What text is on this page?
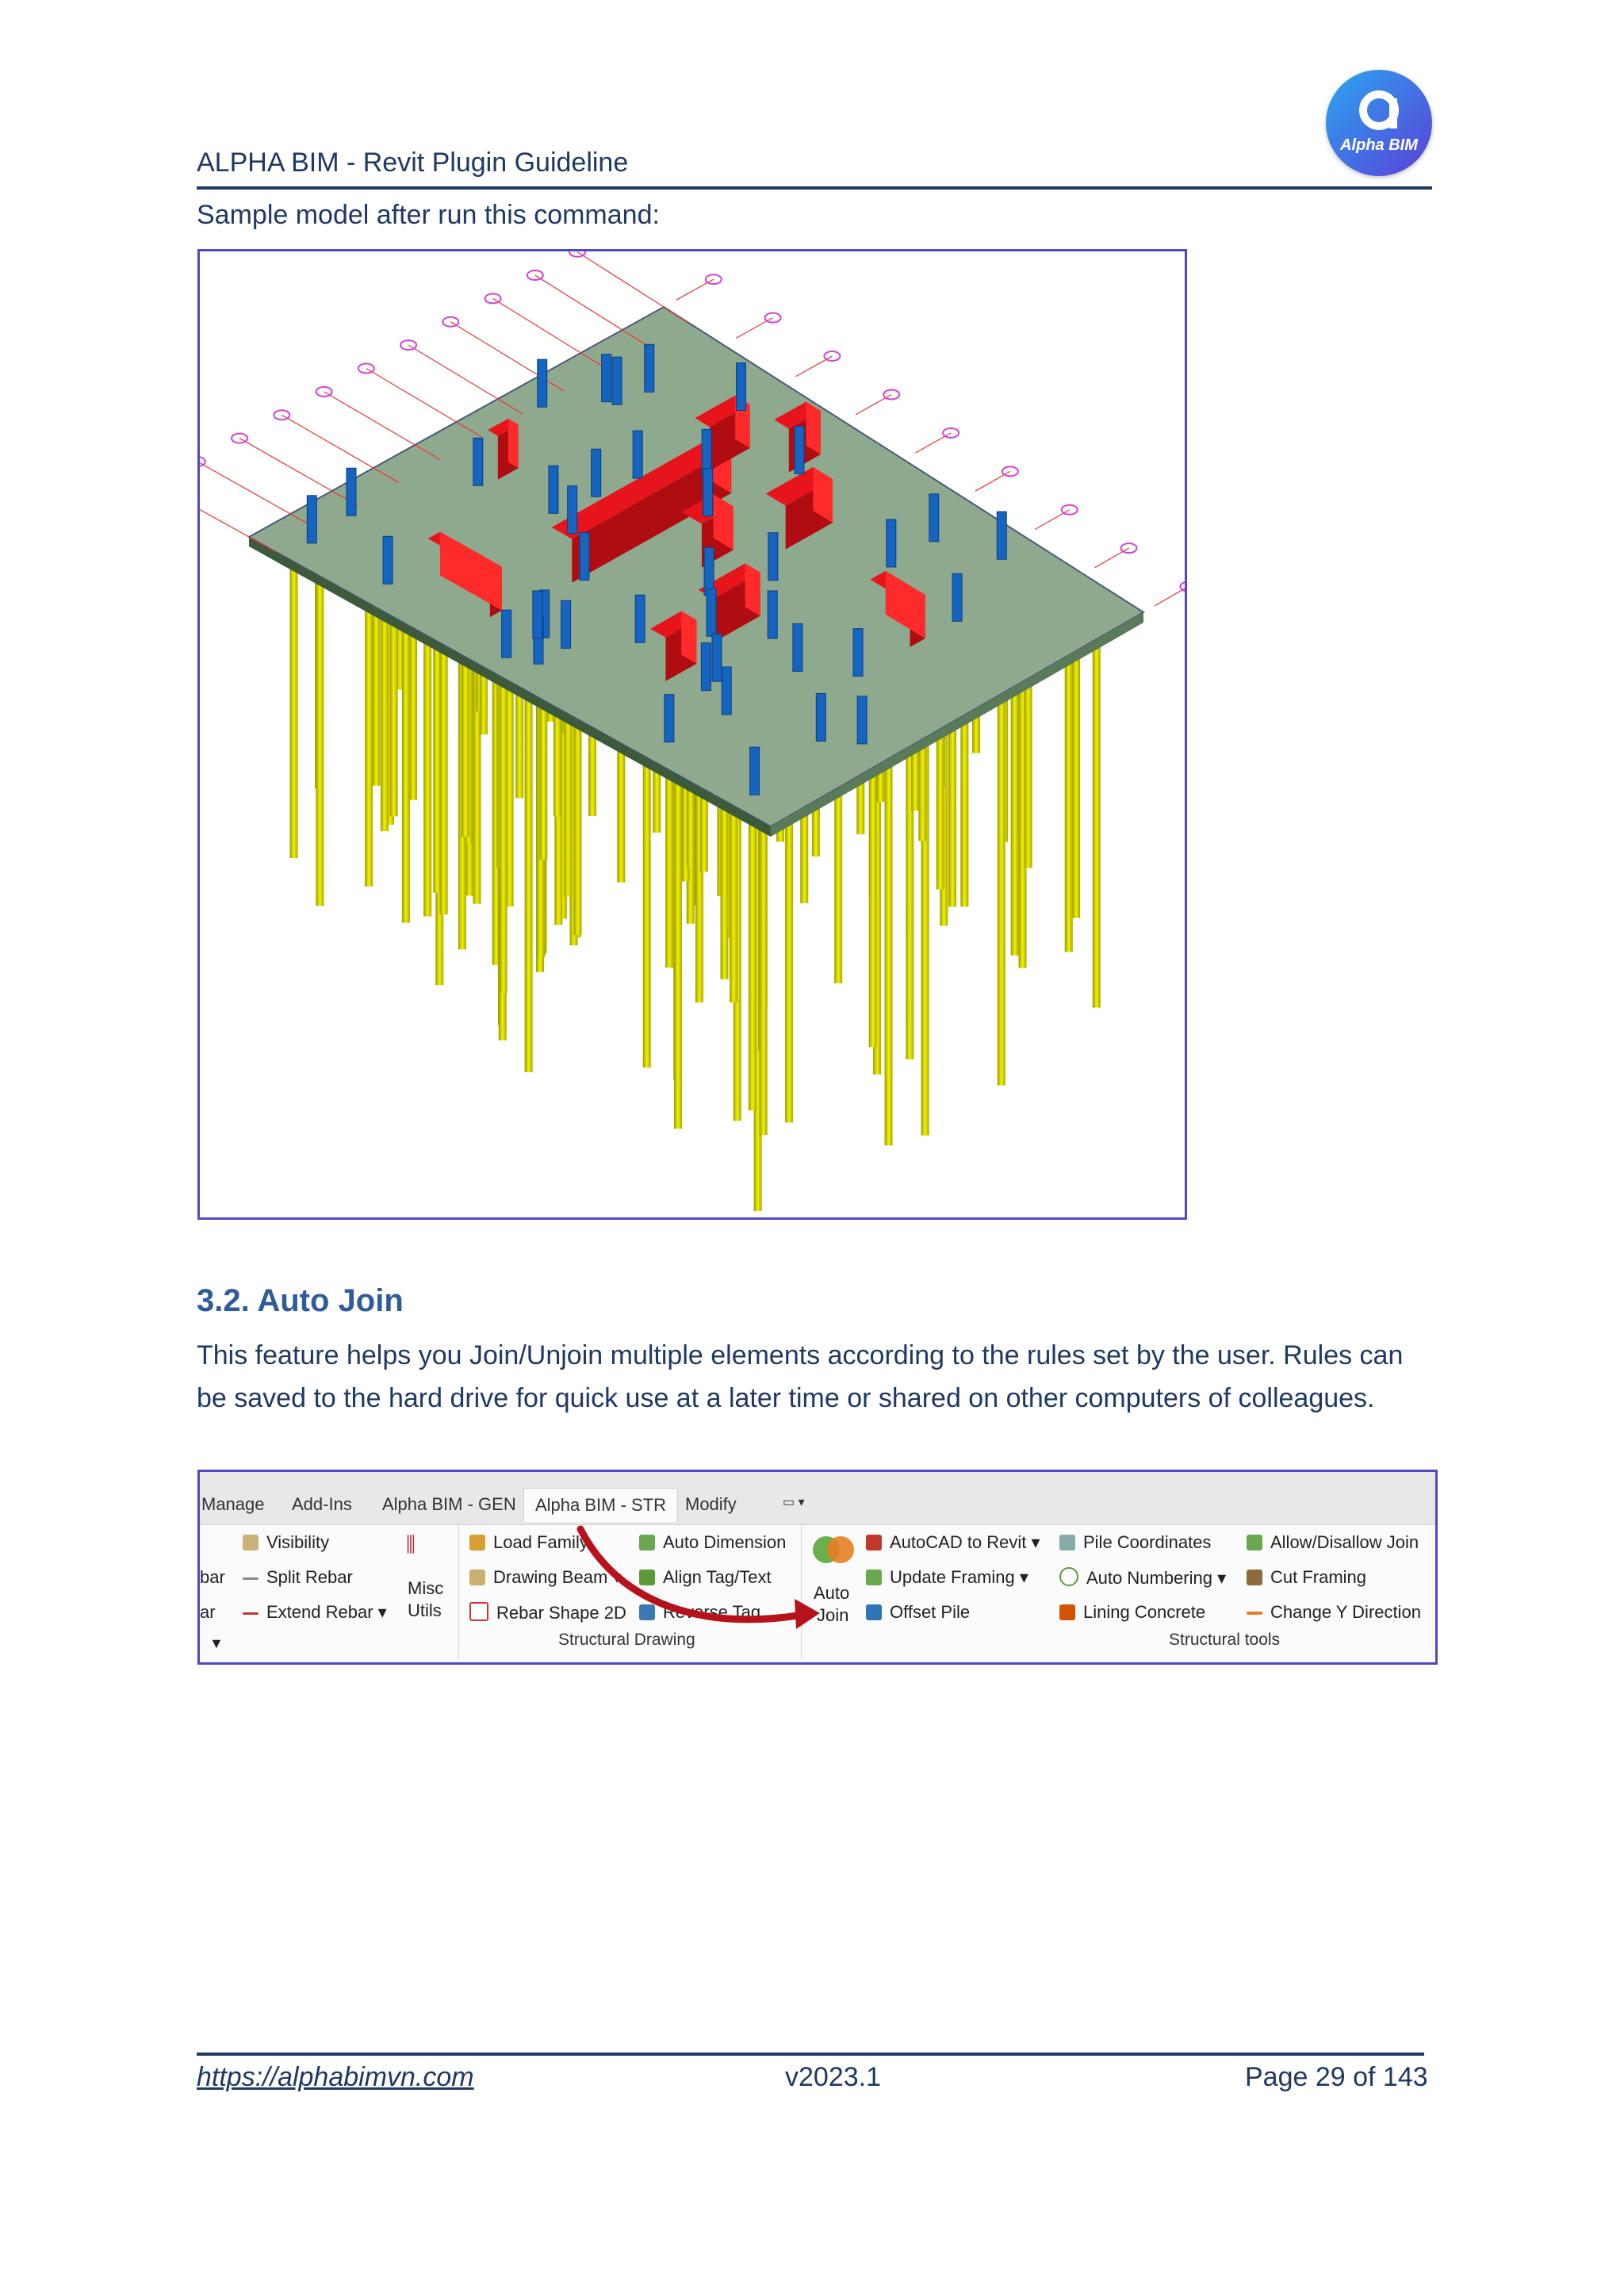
ALPHA BIM - Revit Plugin Guideline
Alpha BIM
Sample model after run this command:
3.2. Auto Join
This feature helps you Join/Unjoin multiple elements according to the rules set by the user. Rules can be saved to the hard drive for quick use at a later time or shared on other computers of colleagues.
Manage Add-Ins Alpha BIM - GEN	Alpha BIM - STR	Modify	▭ ▾
bar
ar
▼
Visibility
Split Rebar
Extend Rebar ▾
⫼
Misc
Utils
Load Family
Drawing Beam ▾
Rebar Shape 2D
Auto Dimension
Align Tag/Text
Reverse Tag
Structural Drawing
Auto
Join
AutoCAD to Revit ▾
Update Framing ▾
Offset Pile
Pile Coordinates
Auto Numbering ▾
Lining Concrete
Allow/Disallow Join
Cut Framing
Change Y Direction
Structural tools
https://alphabimvn.com	v2023.1	Page 29 of 143
